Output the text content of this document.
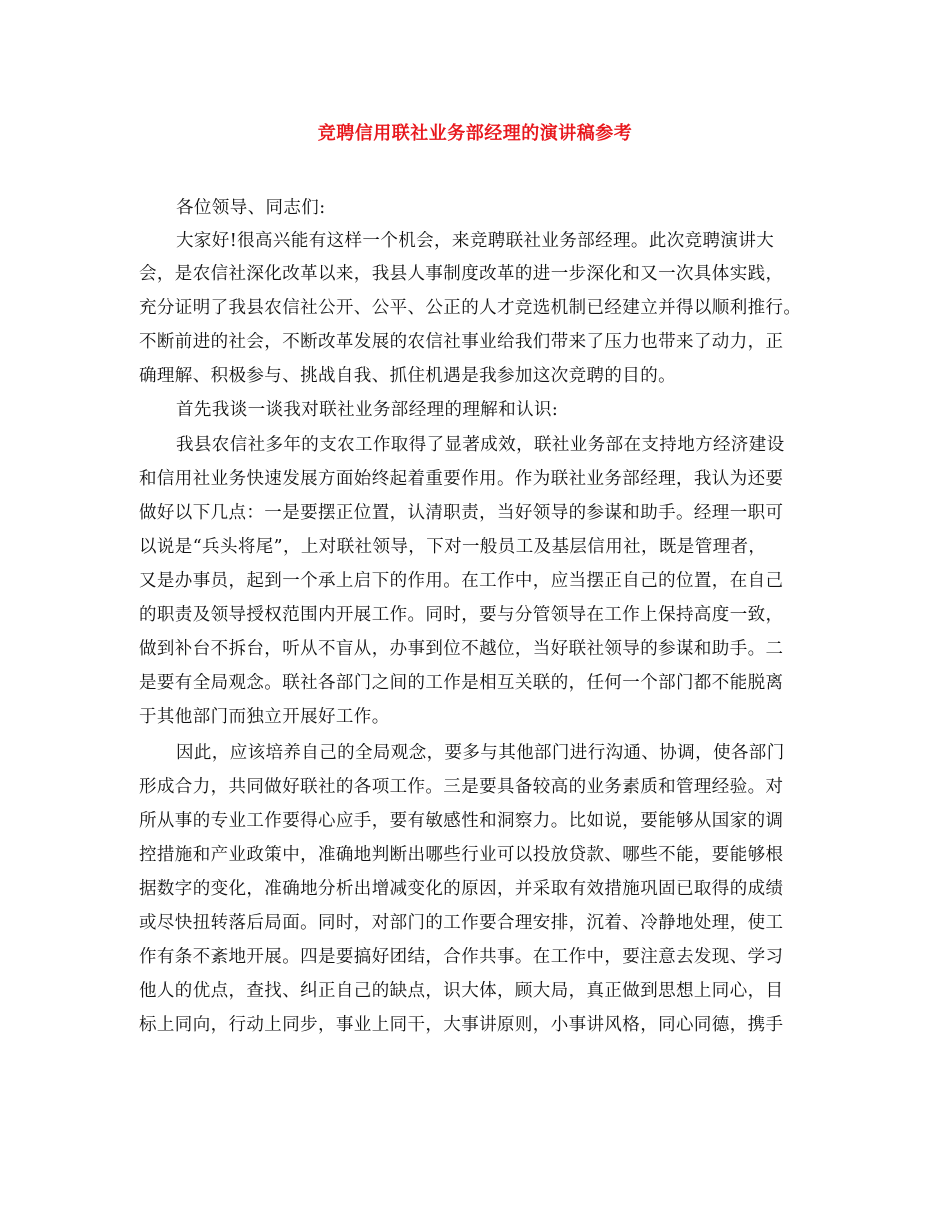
竞聘信用联社业务部经理的演讲稿参考
各位领导、同志们:
大家好!很高兴能有这样一个机会，来竞聘联社业务部经理。此次竞聘演讲大
会，是农信社深化改革以来，我县人事制度改革的进一步深化和又一次具体实践，
充分证明了我县农信社公开、公平、公正的人才竞选机制已经建立并得以顺利推行。
不断前进的社会，不断改革发展的农信社事业给我们带来了压力也带来了动力，正
确理解、积极参与、挑战自我、抓住机遇是我参加这次竞聘的目的。
首先我谈一谈我对联社业务部经理的理解和认识:
我县农信社多年的支农工作取得了显著成效，联社业务部在支持地方经济建设
和信用社业务快速发展方面始终起着重要作用。作为联社业务部经理，我认为还要
做好以下几点：一是要摆正位置，认清职责，当好领导的参谋和助手。经理一职可
以说是“兵头将尾”，上对联社领导，下对一般员工及基层信用社，既是管理者，
又是办事员，起到一个承上启下的作用。在工作中，应当摆正自己的位置，在自己
的职责及领导授权范围内开展工作。同时，要与分管领导在工作上保持高度一致，
做到补台不拆台，听从不盲从，办事到位不越位，当好联社领导的参谋和助手。二
是要有全局观念。联社各部门之间的工作是相互关联的，任何一个部门都不能脱离
于其他部门而独立开展好工作。
因此，应该培养自己的全局观念，要多与其他部门进行沟通、协调，使各部门
形成合力，共同做好联社的各项工作。三是要具备较高的业务素质和管理经验。对
所从事的专业工作要得心应手，要有敏感性和洞察力。比如说，要能够从国家的调
控措施和产业政策中，准确地判断出哪些行业可以投放贷款、哪些不能，要能够根
据数字的变化，准确地分析出增减变化的原因，并采取有效措施巩固已取得的成绩
或尽快扭转落后局面。同时，对部门的工作要合理安排，沉着、冷静地处理，使工
作有条不紊地开展。四是要搞好团结，合作共事。在工作中，要注意去发现、学习
他人的优点，查找、纠正自己的缺点，识大体，顾大局，真正做到思想上同心，目
标上同向，行动上同步，事业上同干，大事讲原则，小事讲风格，同心同德，携手
